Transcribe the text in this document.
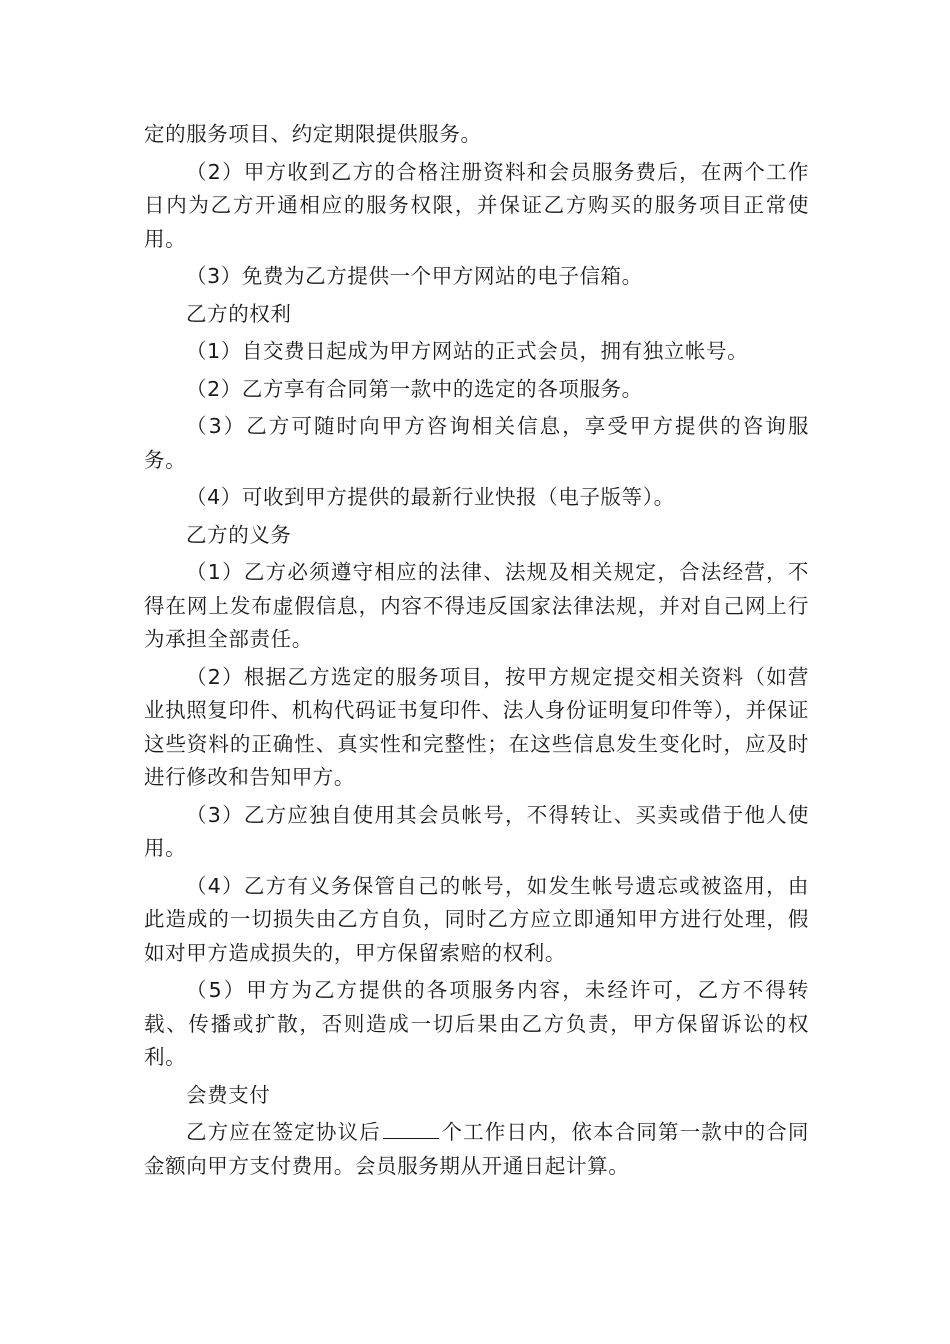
定的服务项目、约定期限提供服务。

（2）甲方收到乙方的合格注册资料和会员服务费后，在两个工作日内为乙方开通相应的服务权限，并保证乙方购买的服务项目正常使用。

（3）免费为乙方提供一个甲方网站的电子信箱。

乙方的权利

（1）自交费日起成为甲方网站的正式会员，拥有独立帐号。

（2）乙方享有合同第一款中的选定的各项服务。

（3）乙方可随时向甲方咨询相关信息，享受甲方提供的咨询服务。

（4）可收到甲方提供的最新行业快报（电子版等）。

乙方的义务

（1）乙方必须遵守相应的法律、法规及相关规定，合法经营，不得在网上发布虚假信息，内容不得违反国家法律法规，并对自己网上行为承担全部责任。

（2）根据乙方选定的服务项目，按甲方规定提交相关资料（如营业执照复印件、机构代码证书复印件、法人身份证明复印件等），并保证这些资料的正确性、真实性和完整性；在这些信息发生变化时，应及时进行修改和告知甲方。

（3）乙方应独自使用其会员帐号，不得转让、买卖或借于他人使用。

（4）乙方有义务保管自己的帐号，如发生帐号遗忘或被盗用，由此造成的一切损失由乙方自负，同时乙方应立即通知甲方进行处理，假如对甲方造成损失的，甲方保留索赔的权利。

（5）甲方为乙方提供的各项服务内容，未经许可，乙方不得转载、传播或扩散，否则造成一切后果由乙方负责，甲方保留诉讼的权利。

会费支付

乙方应在签定协议后	个工作日内，依本合同第一款中的合同金额向甲方支付费用。会员服务期从开通日起计算。
